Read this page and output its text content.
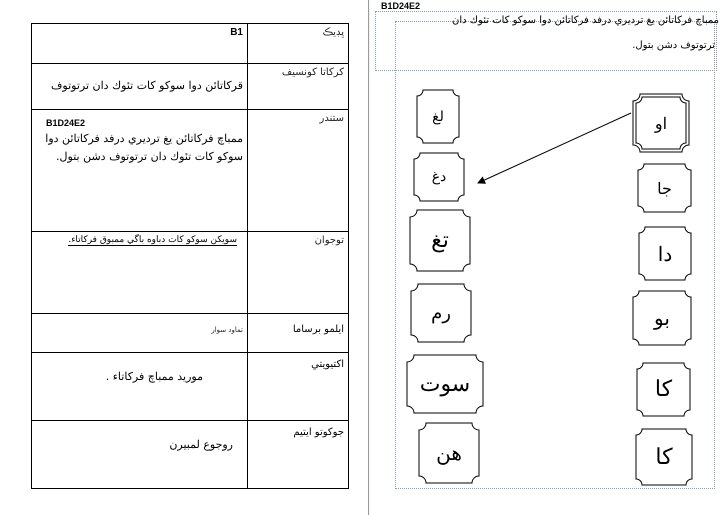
B1	ڀڊيڪ

ﻗﺮﻛﺎﺗﺎﺋﻦ ﺩﻭﺍ ﺳﻮﻛﻮ ﻛﺎﺕ ﺗﺌﻮﻙ ﺩﺍﻥ ﺗﺮﺗﻮﺗﻮﻑ	ﮐﺮﮐﺎﺗﺎ ﮐﻮﻧﺴﻴﻒ

B1D24E2
ﻣﻤﺒﺎﭺ ﻓﺮﻛﺎﺗﺎﺋﻦ ﻳﻎ ﺗﺮﺩﻳﺮﻱ ﺩﺭﻓﺪ ﻓﺮﻛﺎﺗﺎﺋﻦ ﺩﻭﺍ ﺳﻮﻛﻮ ﻛﺎﺕ ﺗﺌﻮﻙ ﺩﺍﻥ ﺗﺮﺗﻮﺗﻮﻑ ﺩﺷﻦ ﺑﺘﻮﻝ.	ﺳﺘﻨﺪﺭ

ﺳﻮﻳﻜﻦ ﺳﻮﻛﻮ ﻛﺎﺕ ﺩﺑﺎﻭﻩ ﺑﺎﮔﻲ ﻣﻤﺒﻮﻕ ﻓﺮﻛﺎﺗﺎﺀ.	ﺗﻮﺟﻮﺍﻥ

ﺗﻤﺎﻭﺩ ﺳﻮﺍﺭ	ﺍﻳﻠﻤﻮ ﺑﺮﺳﺎﻣﺎ

ﻣﻮﺭﻳﺪ ﻣﻤﺒﺎﭺ ﻓﺮﻛﺎﺗﺎﺀ .	ﺍﻛﺘﻴﻮﻳﺘﻲ

ﺭﻭﺟﻮﻉ ﻟﻤﺒﻴﺮﻥ	ﺟﻮﻛﻮﺗﻮ ﺍﻳﺘﻴﻢ
B1D24E2
ﻣﻤﺒﺎﭺ ﻓﺮﻛﺎﺗﺎﺋﻦ ﻳﻎ ﺗﺮﺩﻳﺮﻱ ﺩﺭﻓﺪ ﻓﺮﻛﺎﺗﺎﺋﻦ ﺩﻭﺍ ﺳﻮﻛﻮ ﻛﺎﺕ ﺗﺌﻮﻙ ﺩﺍﻥ
ﺗﺮﺗﻮﺗﻮﻑ ﺩﺷﻦ ﺑﺘﻮﻝ.
لغ
دغ
تغ
رم
سوت
هن
او
جا
دا
بو
كا
كا
